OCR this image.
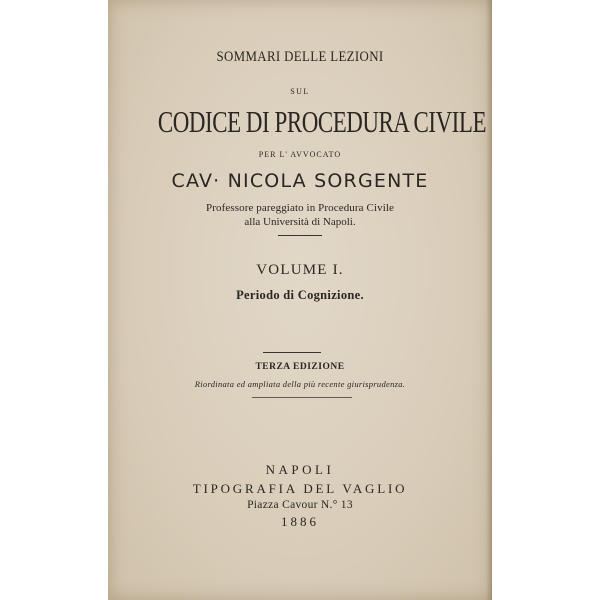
SOMMARI DELLE LEZIONI

SUL

CODICE DI PROCEDURA CIVILE

PER L' AVVOCATO

CAV· NICOLA SORGENTE

Professore pareggiato in Procedura Civile

alla Università di Napoli.

VOLUME I.

Periodo di Cognizione.

TERZA EDIZIONE

Riordinata ed ampliata della più recente giurisprudenza.

NAPOLI

TIPOGRAFIA DEL VAGLIO

Piazza Cavour N.° 13

1886
